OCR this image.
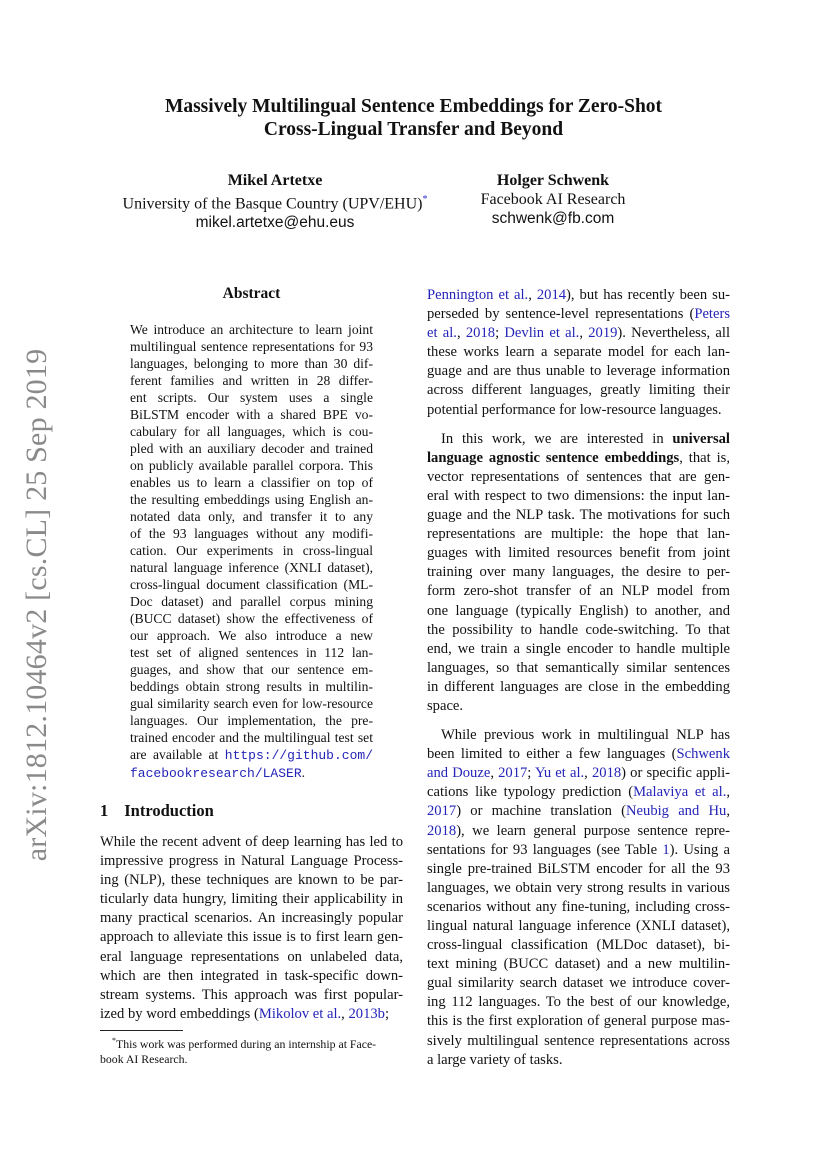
arXiv:1812.10464v2 [cs.CL] 25 Sep 2019
Massively Multilingual Sentence Embeddings for Zero-Shot
Cross-Lingual Transfer and Beyond
Mikel Artetxe
University of the Basque Country (UPV/EHU)*
mikel.artetxe@ehu.eus
Holger Schwenk
Facebook AI Research
schwenk@fb.com
Abstract
We introduce an architecture to learn joint
multilingual sentence representations for 93
languages, belonging to more than 30 dif-
ferent families and written in 28 differ-
ent scripts. Our system uses a single
BiLSTM encoder with a shared BPE vo-
cabulary for all languages, which is cou-
pled with an auxiliary decoder and trained
on publicly available parallel corpora. This
enables us to learn a classifier on top of
the resulting embeddings using English an-
notated data only, and transfer it to any
of the 93 languages without any modifi-
cation. Our experiments in cross-lingual
natural language inference (XNLI dataset),
cross-lingual document classification (ML-
Doc dataset) and parallel corpus mining
(BUCC dataset) show the effectiveness of
our approach. We also introduce a new
test set of aligned sentences in 112 lan-
guages, and show that our sentence em-
beddings obtain strong results in multilin-
gual similarity search even for low-resource
languages. Our implementation, the pre-
trained encoder and the multilingual test set
are available at https://github.com/
facebookresearch/LASER.
1 Introduction
While the recent advent of deep learning has led to
impressive progress in Natural Language Process-
ing (NLP), these techniques are known to be par-
ticularly data hungry, limiting their applicability in
many practical scenarios. An increasingly popular
approach to alleviate this issue is to first learn gen-
eral language representations on unlabeled data,
which are then integrated in task-specific down-
stream systems. This approach was first popular-
ized by word embeddings (Mikolov et al., 2013b;
*This work was performed during an internship at Face-
book AI Research.
Pennington et al., 2014), but has recently been su-
perseded by sentence-level representations (Peters
et al., 2018; Devlin et al., 2019). Nevertheless, all
these works learn a separate model for each lan-
guage and are thus unable to leverage information
across different languages, greatly limiting their
potential performance for low-resource languages.
In this work, we are interested in universal
language agnostic sentence embeddings, that is,
vector representations of sentences that are gen-
eral with respect to two dimensions: the input lan-
guage and the NLP task. The motivations for such
representations are multiple: the hope that lan-
guages with limited resources benefit from joint
training over many languages, the desire to per-
form zero-shot transfer of an NLP model from
one language (typically English) to another, and
the possibility to handle code-switching. To that
end, we train a single encoder to handle multiple
languages, so that semantically similar sentences
in different languages are close in the embedding
space.
While previous work in multilingual NLP has
been limited to either a few languages (Schwenk
and Douze, 2017; Yu et al., 2018) or specific appli-
cations like typology prediction (Malaviya et al.,
2017) or machine translation (Neubig and Hu,
2018), we learn general purpose sentence repre-
sentations for 93 languages (see Table 1). Using a
single pre-trained BiLSTM encoder for all the 93
languages, we obtain very strong results in various
scenarios without any fine-tuning, including cross-
lingual natural language inference (XNLI dataset),
cross-lingual classification (MLDoc dataset), bi-
text mining (BUCC dataset) and a new multilin-
gual similarity search dataset we introduce cover-
ing 112 languages. To the best of our knowledge,
this is the first exploration of general purpose mas-
sively multilingual sentence representations across
a large variety of tasks.
